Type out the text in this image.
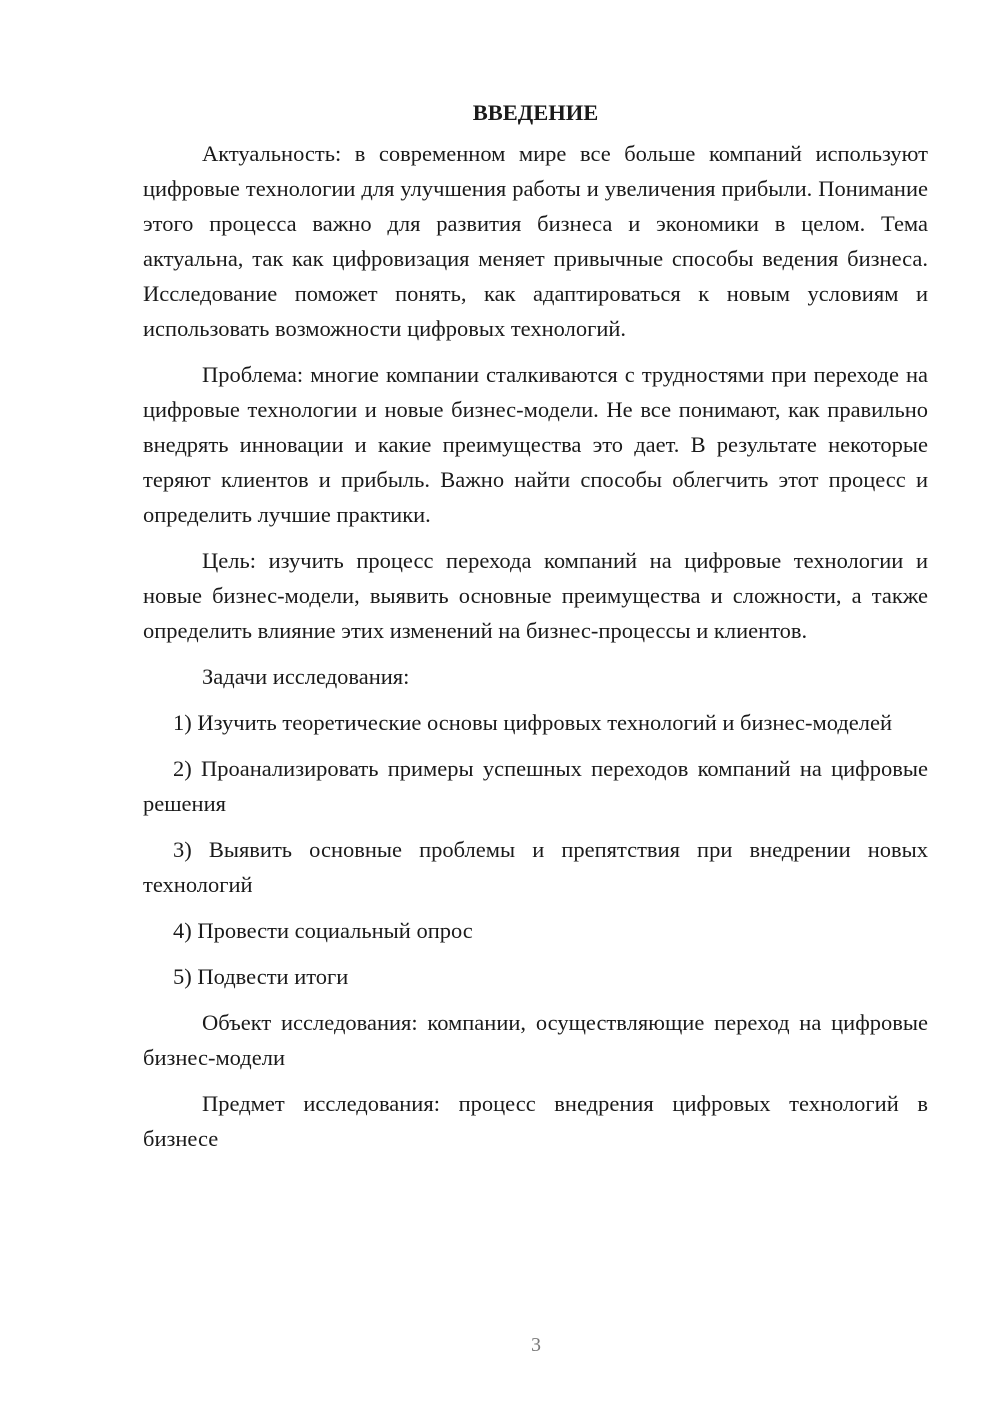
ВВЕДЕНИЕ

Актуальность: в современном мире все больше компаний используют цифровые технологии для улучшения работы и увеличения прибыли. Понимание этого процесса важно для развития бизнеса и экономики в целом. Тема актуальна, так как цифровизация меняет привычные способы ведения бизнеса. Исследование поможет понять, как адаптироваться к новым условиям и использовать возможности цифровых технологий.

Проблема: многие компании сталкиваются с трудностями при переходе на цифровые технологии и новые бизнес-модели. Не все понимают, как правильно внедрять инновации и какие преимущества это дает. В результате некоторые теряют клиентов и прибыль. Важно найти способы облегчить этот процесс и определить лучшие практики.

Цель: изучить процесс перехода компаний на цифровые технологии и новые бизнес-модели, выявить основные преимущества и сложности, а также определить влияние этих изменений на бизнес-процессы и клиентов.

Задачи исследования:

1) Изучить теоретические основы цифровых технологий и бизнес-моделей

2) Проанализировать примеры успешных переходов компаний на цифровые решения

3) Выявить основные проблемы и препятствия при внедрении новых технологий

4) Провести социальный опрос

5) Подвести итоги

Объект исследования: компании, осуществляющие переход на цифровые бизнес-модели

Предмет исследования: процесс внедрения цифровых технологий в бизнесе

3
